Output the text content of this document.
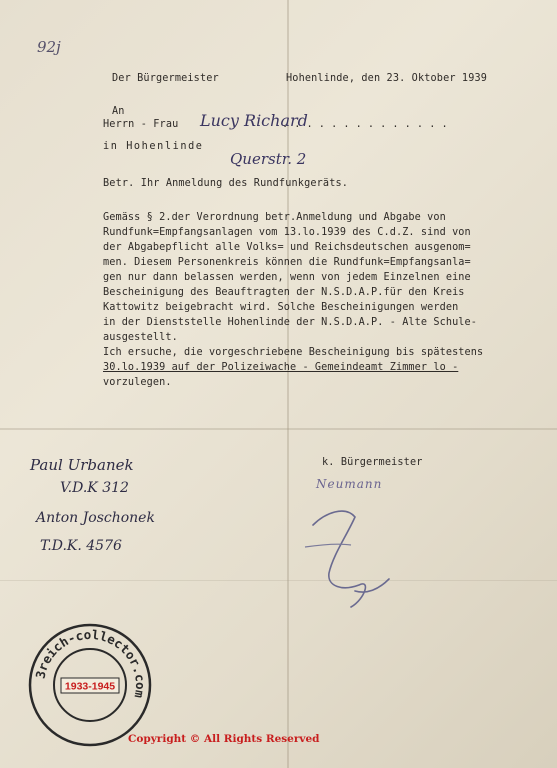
92j
Der Bürgermeister	Hohenlinde, den 23. Oktober 1939
An
Herrn - Frau Lucy Richard
. . . . . . . . . . . . . .
in Hohenlinde
Querstr. 2
Betr. Ihr Anmeldung des Rundfunkgeräts.
Gemäss § 2.der Verordnung betr.Anmeldung und Abgabe von
Rundfunk=Empfangsanlagen vom 13.lo.1939 des C.d.Z. sind von
der Abgabepflicht alle Volks= und Reichsdeutschen ausgenom=
men. Diesem Personenkreis können die Rundfunk=Empfangsanla=
gen nur dann belassen werden, wenn von jedem Einzelnen eine
Bescheinigung des Beauftragten der N.S.D.A.P.für den Kreis
Kattowitz beigebracht wird. Solche Bescheinigungen werden
in der Dienststelle Hohenlinde der N.S.D.A.P. - Alte Schule-
ausgestellt.
Ich ersuche, die vorgeschriebene Bescheinigung bis spätestens
30.lo.1939 auf der Polizeiwache - Gemeindeamt Zimmer lo -
vorzulegen.
k. Bürgermeister
Neumann
Paul Urbanek
V.D.K 312
Anton Joschonek
T.D.K. 4576
3reich-collector.com
1933-1945
Copyright © All Rights Reserved
